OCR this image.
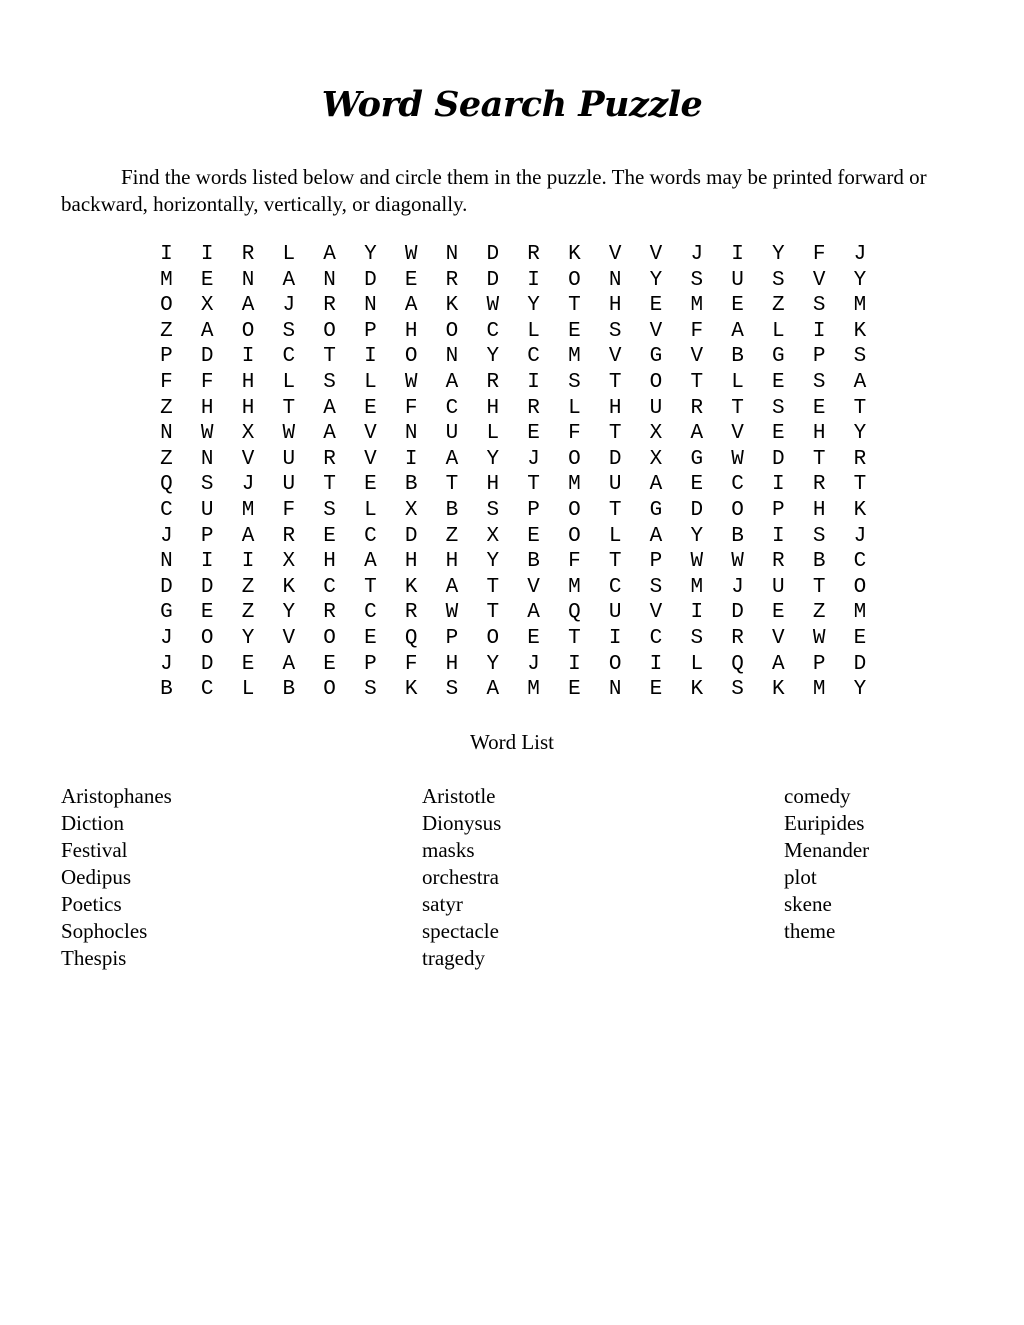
Word Search Puzzle

Find the words listed below and circle them in the puzzle. The words may be printed forward or backward, horizontally, vertically, or diagonally.

I	I	R	L	A	Y	W	N	D	R	K	V	V	J	I	Y	F	J
M	E	N	A	N	D	E	R	D	I	O	N	Y	S	U	S	V	Y
O	X	A	J	R	N	A	K	W	Y	T	H	E	M	E	Z	S	M
Z	A	O	S	O	P	H	O	C	L	E	S	V	F	A	L	I	K
P	D	I	C	T	I	O	N	Y	C	M	V	G	V	B	G	P	S
F	F	H	L	S	L	W	A	R	I	S	T	O	T	L	E	S	A
Z	H	H	T	A	E	F	C	H	R	L	H	U	R	T	S	E	T
N	W	X	W	A	V	N	U	L	E	F	T	X	A	V	E	H	Y
Z	N	V	U	R	V	I	A	Y	J	O	D	X	G	W	D	T	R
Q	S	J	U	T	E	B	T	H	T	M	U	A	E	C	I	R	T
C	U	M	F	S	L	X	B	S	P	O	T	G	D	O	P	H	K
J	P	A	R	E	C	D	Z	X	E	O	L	A	Y	B	I	S	J
N	I	I	X	H	A	H	H	Y	B	F	T	P	W	W	R	B	C
D	D	Z	K	C	T	K	A	T	V	M	C	S	M	J	U	T	O
G	E	Z	Y	R	C	R	W	T	A	Q	U	V	I	D	E	Z	M
J	O	Y	V	O	E	Q	P	O	E	T	I	C	S	R	V	W	E
J	D	E	A	E	P	F	H	Y	J	I	O	I	L	Q	A	P	D
B	C	L	B	O	S	K	S	A	M	E	N	E	K	S	K	M	Y
Word List
Aristophanes
Diction
Festival
Oedipus
Poetics
Sophocles
Thespis
Aristotle
Dionysus
masks
orchestra
satyr
spectacle
tragedy
comedy
Euripides
Menander
plot
skene
theme
